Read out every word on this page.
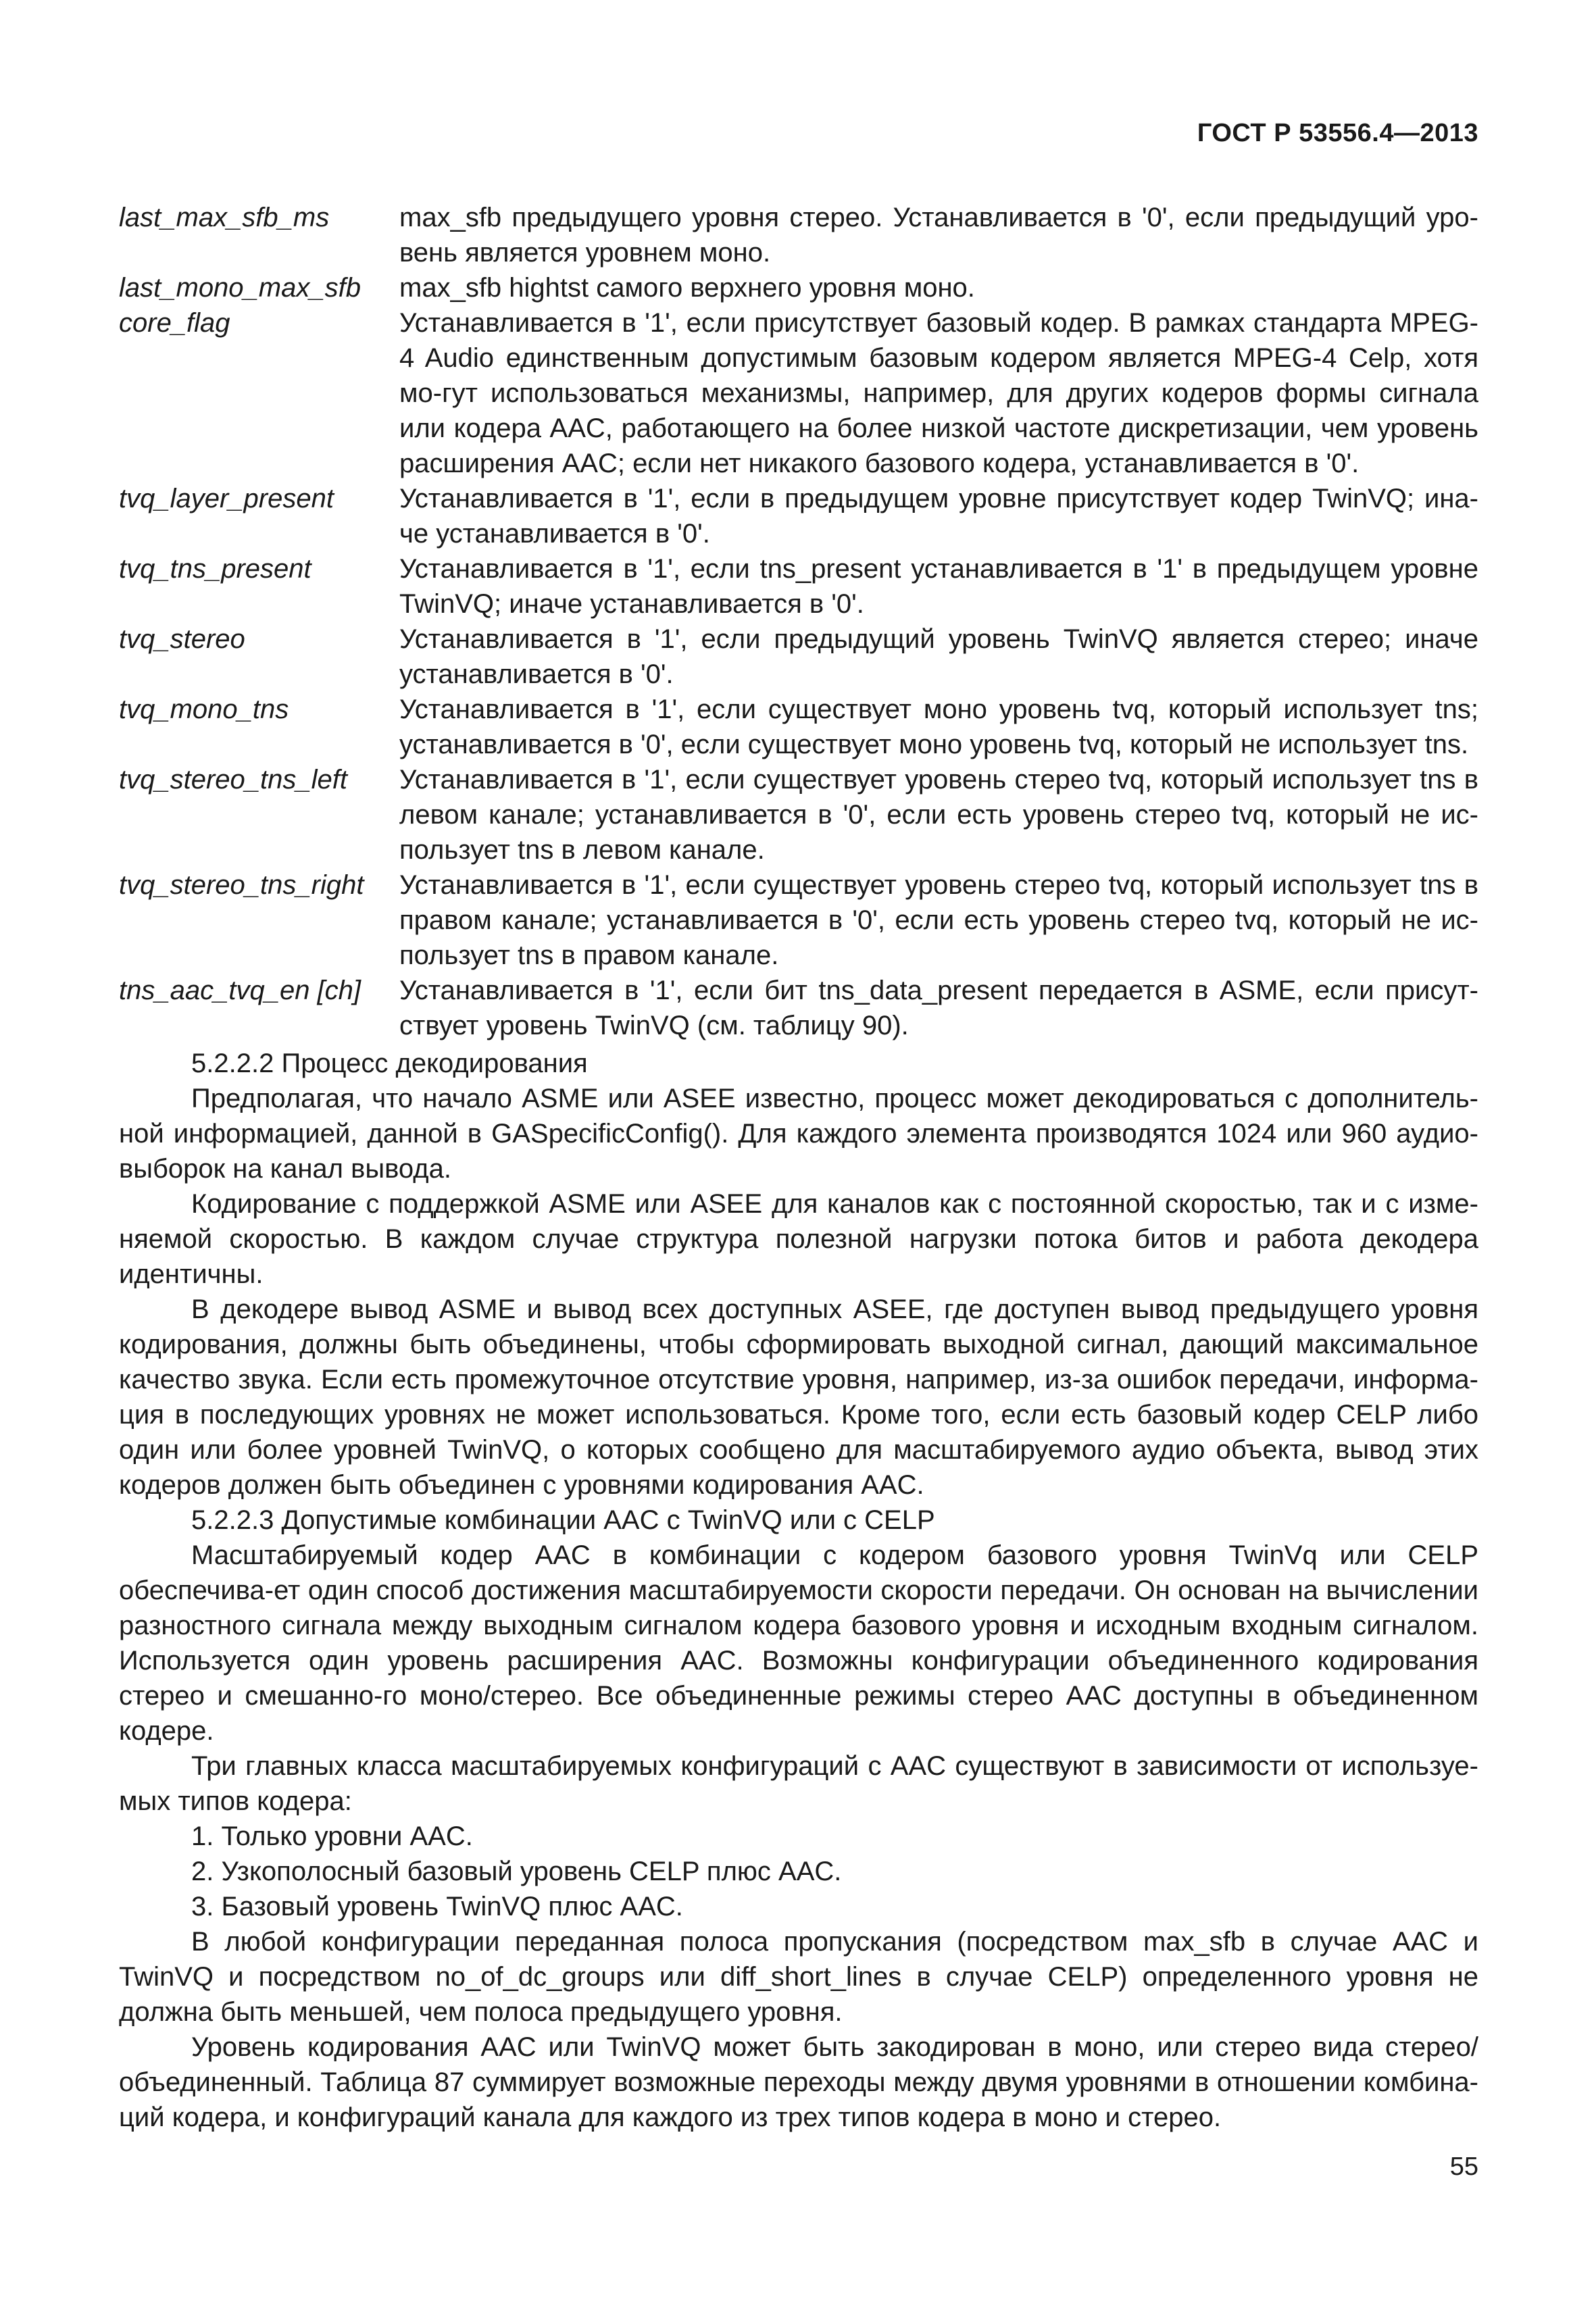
ГОСТ Р 53556.4—2013
last_max_sfb_ms	max_sfb предыдущего уровня стерео. Устанавливается в '0', если предыдущий уро-вень является уровнем моно.
last_mono_max_sfb	max_sfb hightst самого верхнего уровня моно.
core_flag	Устанавливается в '1', если присутствует базовый кодер. В рамках стандарта MPEG-4 Audio единственным допустимым базовым кодером является MPEG-4 Celp, хотя мо-гут использоваться механизмы, например, для других кодеров формы сигнала или кодера AAC, работающего на более низкой частоте дискретизации, чем уровень расширения AAC; если нет никакого базового кодера, устанавливается в '0'.
tvq_layer_present	Устанавливается в '1', если в предыдущем уровне присутствует кодер TwinVQ; ина-че устанавливается в '0'.
tvq_tns_present	Устанавливается в '1', если tns_present устанавливается в '1' в предыдущем уровне TwinVQ; иначе устанавливается в '0'.
tvq_stereo	Устанавливается в '1', если предыдущий уровень TwinVQ является стерео; иначе устанавливается в '0'.
tvq_mono_tns	Устанавливается в '1', если существует моно уровень tvq, который использует tns; устанавливается в '0', если существует моно уровень tvq, который не использует tns.
tvq_stereo_tns_left	Устанавливается в '1', если существует уровень стерео tvq, который использует tns в левом канале; устанавливается в '0', если есть уровень стерео tvq, который не ис-пользует tns в левом канале.
tvq_stereo_tns_right	Устанавливается в '1', если существует уровень стерео tvq, который использует tns в правом канале; устанавливается в '0', если есть уровень стерео tvq, который не ис-пользует tns в правом канале.
tns_aac_tvq_en [ch]	Устанавливается в '1', если бит tns_data_present передается в ASME, если присут-ствует уровень TwinVQ (см. таблицу 90).

5.2.2.2 Процесс декодирования

Предполагая, что начало ASME или ASEE известно, процесс может декодироваться с дополнитель-ной информацией, данной в GASpecificConfig(). Для каждого элемента производятся 1024 или 960 аудио-выборок на канал вывода.

Кодирование с поддержкой ASME или ASEE для каналов как с постоянной скоростью, так и с изме-няемой скоростью. В каждом случае структура полезной нагрузки потока битов и работа декодера идентичны.

В декодере вывод ASME и вывод всех доступных ASEE, где доступен вывод предыдущего уровня кодирования, должны быть объединены, чтобы сформировать выходной сигнал, дающий максимальное качество звука. Если есть промежуточное отсутствие уровня, например, из-за ошибок передачи, информа-ция в последующих уровнях не может использоваться. Кроме того, если есть базовый кодер CELP либо один или более уровней TwinVQ, о которых сообщено для масштабируемого аудио объекта, вывод этих кодеров должен быть объединен с уровнями кодирования AAC.

5.2.2.3 Допустимые комбинации AAC с TwinVQ или с CELP

Масштабируемый кодер AAC в комбинации с кодером базового уровня TwinVq или CELP обеспечива-ет один способ достижения масштабируемости скорости передачи. Он основан на вычислении разностного сигнала между выходным сигналом кодера базового уровня и исходным входным сигналом. Используется один уровень расширения AAC. Возможны конфигурации объединенного кодирования стерео и смешанно-го моно/стерео. Все объединенные режимы стерео AAC доступны в объединенном кодере.

Три главных класса масштабируемых конфигураций с AAC существуют в зависимости от используе-мых типов кодера:

1. Только уровни AAC.

2. Узкополосный базовый уровень CELP плюс AAC.

3. Базовый уровень TwinVQ плюс AAC.

В любой конфигурации переданная полоса пропускания (посредством max_sfb в случае AAC и TwinVQ и посредством no_of_dc_groups или diff_short_lines в случае CELP) определенного уровня не должна быть меньшей, чем полоса предыдущего уровня.

Уровень кодирования AAC или TwinVQ может быть закодирован в моно, или стерео вида стерео/ объединенный. Таблица 87 суммирует возможные переходы между двумя уровнями в отношении комбина-ций кодера, и конфигураций канала для каждого из трех типов кодера в моно и стерео.

55
